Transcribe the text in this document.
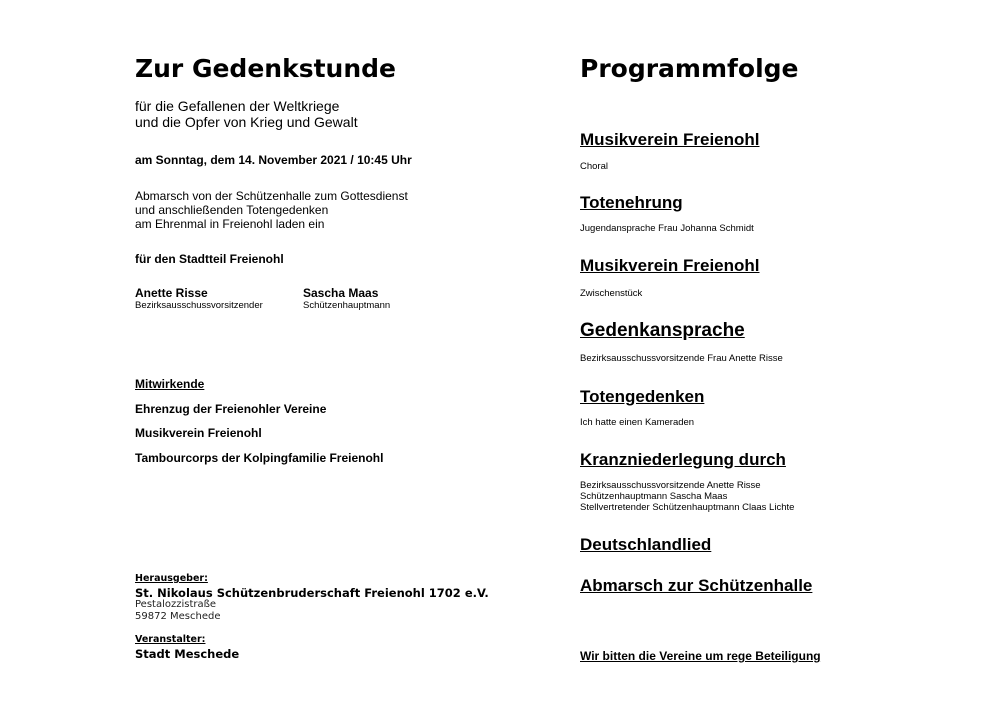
Zur Gedenkstunde
für die Gefallenen der Weltkriege
und die Opfer von Krieg und Gewalt
am Sonntag, dem 14. November 2021 / 10:45 Uhr
Abmarsch von der Schützenhalle zum Gottesdienst
und anschließenden Totengedenken
am Ehrenmal in Freienohl laden ein
für den Stadtteil Freienohl
Anette Risse
Bezirksausschussvorsitzender
Sascha Maas
Schützenhauptmann
Mitwirkende
Ehrenzug der Freienohler Vereine
Musikverein Freienohl
Tambourcorps der Kolpingfamilie Freienohl
Herausgeber:
St. Nikolaus Schützenbruderschaft Freienohl 1702 e.V.
Pestalozzistraße
59872 Meschede
Veranstalter:
Stadt Meschede
Programmfolge
Musikverein Freienohl
Choral
Totenehrung
Jugendansprache Frau Johanna Schmidt
Musikverein Freienohl
Zwischenstück
Gedenkansprache
Bezirksausschussvorsitzende Frau Anette Risse
Totengedenken
Ich hatte einen Kameraden
Kranzniederlegung durch
Bezirksausschussvorsitzende Anette Risse
Schützenhauptmann Sascha Maas
Stellvertretender Schützenhauptmann Claas Lichte
Deutschlandlied
Abmarsch zur Schützenhalle
Wir bitten die Vereine um rege Beteiligung
